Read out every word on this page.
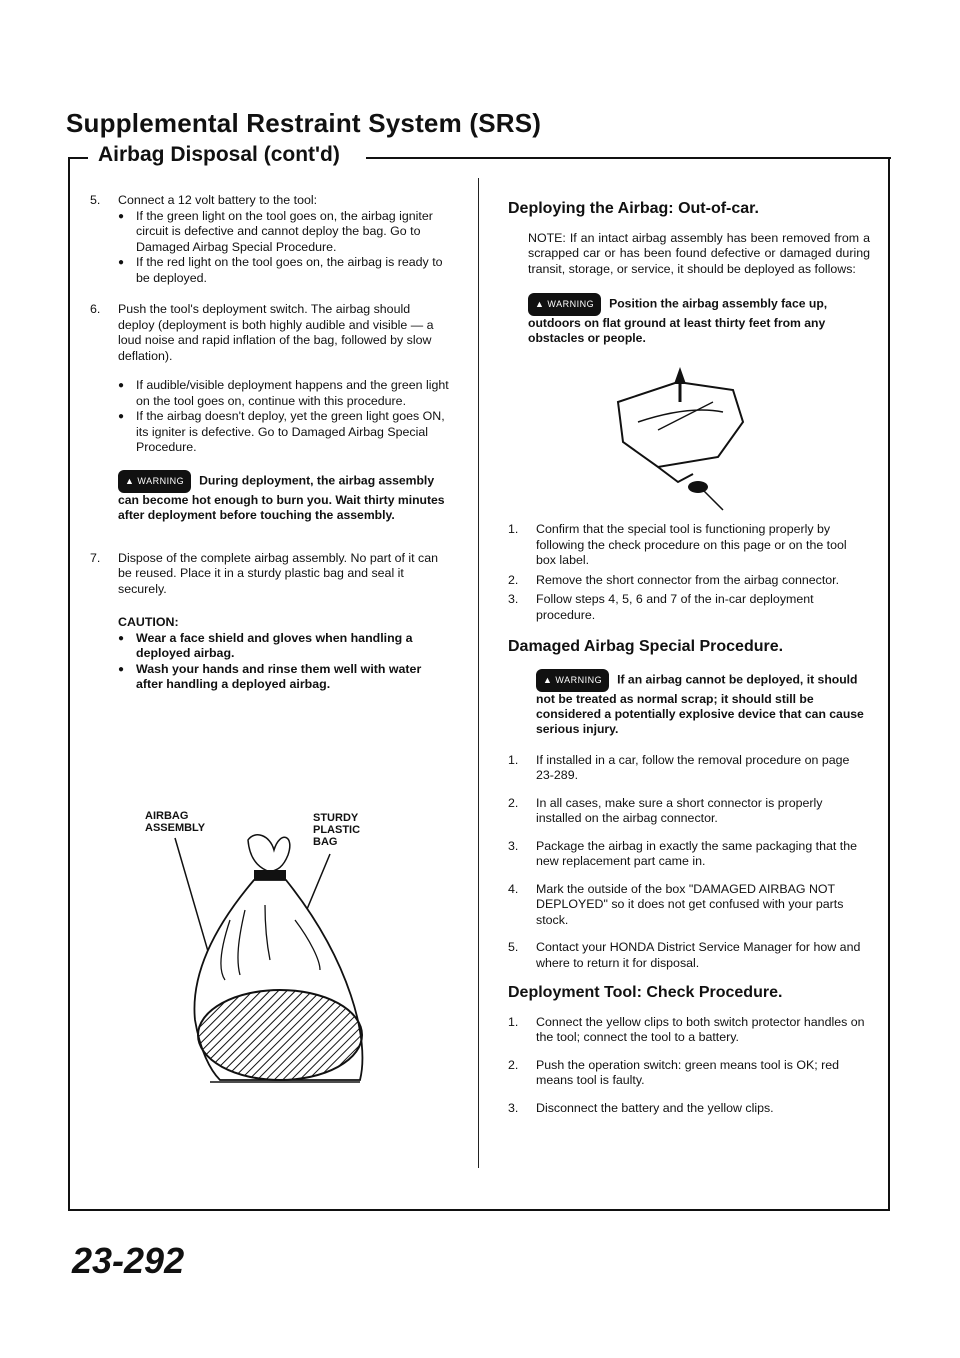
Supplemental Restraint System (SRS)
Airbag Disposal (cont'd)
5.	Connect a 12 volt battery to the tool:
● If the green light on the tool goes on, the airbag igniter circuit is defective and cannot deploy the bag. Go to Damaged Airbag Special Procedure.
● If the red light on the tool goes on, the airbag is ready to be deployed.
6.	Push the tool's deployment switch. The airbag should deploy (deployment is both highly audible and visible — a loud noise and rapid inflation of the bag, followed by slow deflation).
● If audible/visible deployment happens and the green light on the tool goes on, continue with this procedure.
● If the airbag doesn't deploy, yet the green light goes ON, its igniter is defective. Go to Damaged Airbag Special Procedure.
▲ WARNING During deployment, the airbag assembly can become hot enough to burn you. Wait thirty minutes after deployment before touching the assembly.
7.	Dispose of the complete airbag assembly. No part of it can be reused. Place it in a sturdy plastic bag and seal it securely.
CAUTION:
● Wear a face shield and gloves when handling a deployed airbag.
● Wash your hands and rinse them well with water after handling a deployed airbag.
AIRBAG
ASSEMBLY
STURDY
PLASTIC
BAG
Deploying the Airbag: Out-of-car.
NOTE: If an intact airbag assembly has been removed from a scrapped car or has been found defective or damaged during transit, storage, or service, it should be deployed as follows:
▲ WARNING Position the airbag assembly face up, outdoors on flat ground at least thirty feet from any obstacles or people.
1.	Confirm that the special tool is functioning properly by following the check procedure on this page or on the tool box label.
2.	Remove the short connector from the airbag connector.
3.	Follow steps 4, 5, 6 and 7 of the in-car deployment procedure.
Damaged Airbag Special Procedure.
▲ WARNING If an airbag cannot be deployed, it should not be treated as normal scrap; it should still be considered a potentially explosive device that can cause serious injury.
1.	If installed in a car, follow the removal procedure on page 23-289.
2.	In all cases, make sure a short connector is properly installed on the airbag connector.
3.	Package the airbag in exactly the same packaging that the new replacement part came in.
4.	Mark the outside of the box "DAMAGED AIRBAG NOT DEPLOYED" so it does not get confused with your parts stock.
5.	Contact your HONDA District Service Manager for how and where to return it for disposal.
Deployment Tool: Check Procedure.
1.	Connect the yellow clips to both switch protector handles on the tool; connect the tool to a battery.
2.	Push the operation switch: green means tool is OK; red means tool is faulty.
3.	Disconnect the battery and the yellow clips.
23-292
